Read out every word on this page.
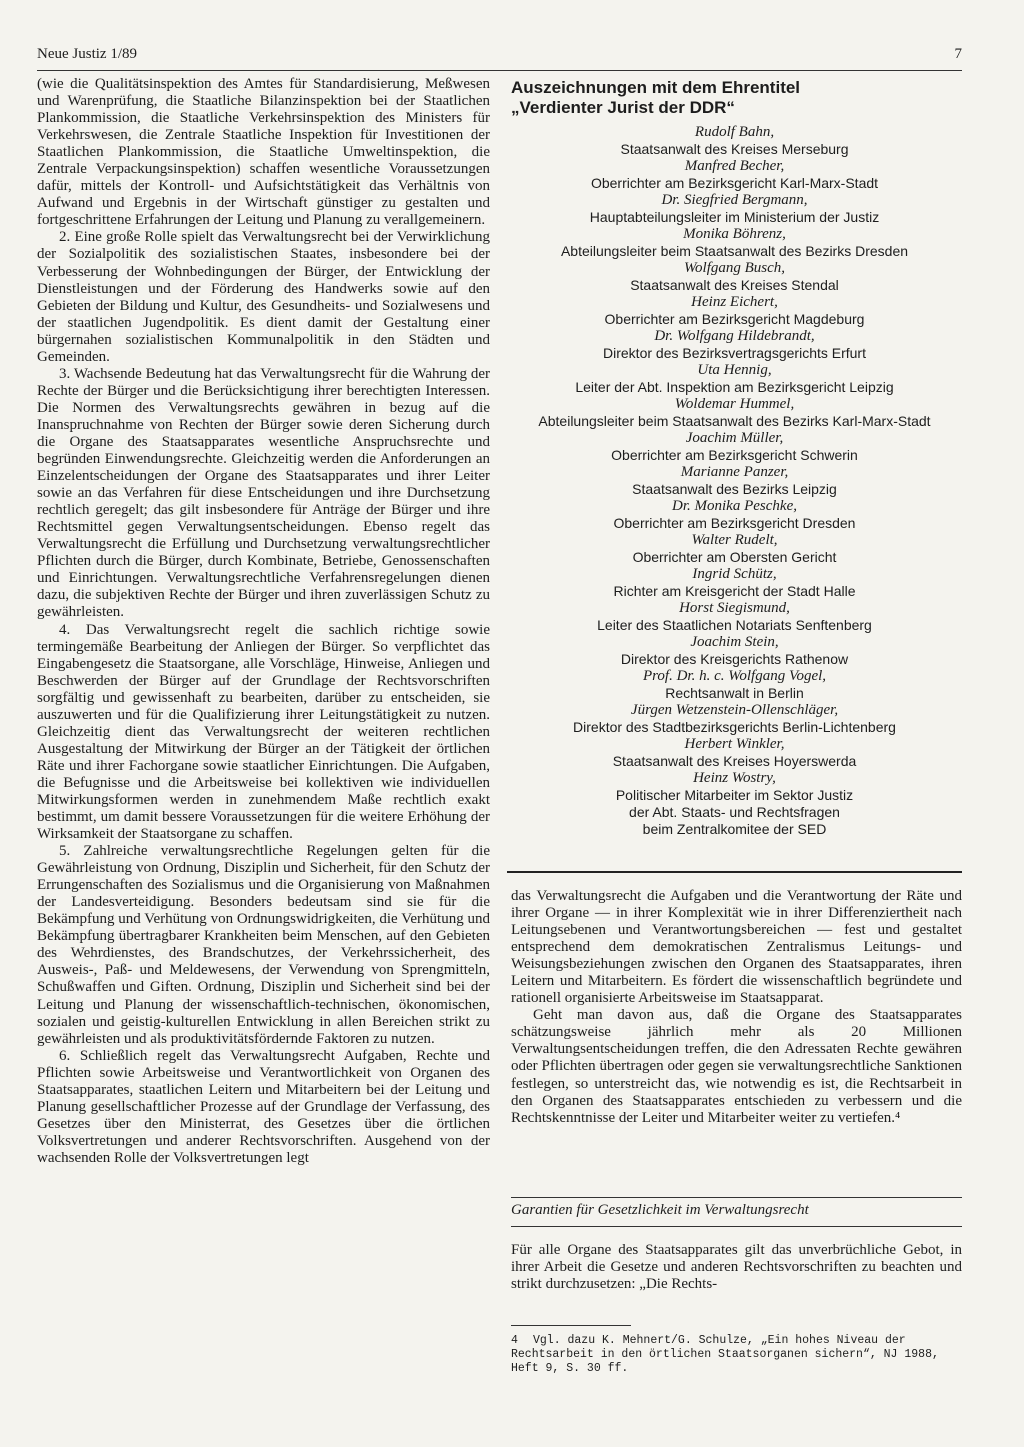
Neue Justiz 1/89	7

(wie die Qualitätsinspektion des Amtes für Standardisierung, Meßwesen und Warenprüfung, die Staatliche Bilanzinspektion bei der Staatlichen Plankommission, die Staatliche Verkehrsinspektion des Ministers für Verkehrswesen, die Zentrale Staatliche Inspektion für Investitionen der Staatlichen Plankommission, die Staatliche Umweltinspektion, die Zentrale Verpackungsinspektion) schaffen wesentliche Voraussetzungen dafür, mittels der Kontroll- und Aufsichtstätigkeit das Verhältnis von Aufwand und Ergebnis in der Wirtschaft günstiger zu gestalten und fortgeschrittene Erfahrungen der Leitung und Planung zu verallgemeinern.

2. Eine große Rolle spielt das Verwaltungsrecht bei der Verwirklichung der Sozialpolitik des sozialistischen Staates, insbesondere bei der Verbesserung der Wohnbedingungen der Bürger, der Entwicklung der Dienstleistungen und der Förderung des Handwerks sowie auf den Gebieten der Bildung und Kultur, des Gesundheits- und Sozialwesens und der staatlichen Jugendpolitik. Es dient damit der Gestaltung einer bürgernahen sozialistischen Kommunalpolitik in den Städten und Gemeinden.

3. Wachsende Bedeutung hat das Verwaltungsrecht für die Wahrung der Rechte der Bürger und die Berücksichtigung ihrer berechtigten Interessen. Die Normen des Verwaltungsrechts gewähren in bezug auf die Inanspruchnahme von Rechten der Bürger sowie deren Sicherung durch die Organe des Staatsapparates wesentliche Anspruchsrechte und begründen Einwendungsrechte. Gleichzeitig werden die Anforderungen an Einzelentscheidungen der Organe des Staatsapparates und ihrer Leiter sowie an das Verfahren für diese Entscheidungen und ihre Durchsetzung rechtlich geregelt; das gilt insbesondere für Anträge der Bürger und ihre Rechtsmittel gegen Verwaltungsentscheidungen. Ebenso regelt das Verwaltungsrecht die Erfüllung und Durchsetzung verwaltungsrechtlicher Pflichten durch die Bürger, durch Kombinate, Betriebe, Genossenschaften und Einrichtungen. Verwaltungsrechtliche Verfahrensregelungen dienen dazu, die subjektiven Rechte der Bürger und ihren zuverlässigen Schutz zu gewährleisten.

4. Das Verwaltungsrecht regelt die sachlich richtige sowie termingemäße Bearbeitung der Anliegen der Bürger. So verpflichtet das Eingabengesetz die Staatsorgane, alle Vorschläge, Hinweise, Anliegen und Beschwerden der Bürger auf der Grundlage der Rechtsvorschriften sorgfältig und gewissenhaft zu bearbeiten, darüber zu entscheiden, sie auszuwerten und für die Qualifizierung ihrer Leitungstätigkeit zu nutzen. Gleichzeitig dient das Verwaltungsrecht der weiteren rechtlichen Ausgestaltung der Mitwirkung der Bürger an der Tätigkeit der örtlichen Räte und ihrer Fachorgane sowie staatlicher Einrichtungen. Die Aufgaben, die Befugnisse und die Arbeitsweise bei kollektiven wie individuellen Mitwirkungsformen werden in zunehmendem Maße rechtlich exakt bestimmt, um damit bessere Voraussetzungen für die weitere Erhöhung der Wirksamkeit der Staatsorgane zu schaffen.

5. Zahlreiche verwaltungsrechtliche Regelungen gelten für die Gewährleistung von Ordnung, Disziplin und Sicherheit, für den Schutz der Errungenschaften des Sozialismus und die Organisierung von Maßnahmen der Landesverteidigung. Besonders bedeutsam sind sie für die Bekämpfung und Verhütung von Ordnungswidrigkeiten, die Verhütung und Bekämpfung übertragbarer Krankheiten beim Menschen, auf den Gebieten des Wehrdienstes, des Brandschutzes, der Verkehrssicherheit, des Ausweis-, Paß- und Meldewesens, der Verwendung von Sprengmitteln, Schußwaffen und Giften. Ordnung, Disziplin und Sicherheit sind bei der Leitung und Planung der wissenschaftlich-technischen, ökonomischen, sozialen und geistig-kulturellen Entwicklung in allen Bereichen strikt zu gewährleisten und als produktivitätsfördernde Faktoren zu nutzen.

6. Schließlich regelt das Verwaltungsrecht Aufgaben, Rechte und Pflichten sowie Arbeitsweise und Verantwortlichkeit von Organen des Staatsapparates, staatlichen Leitern und Mitarbeitern bei der Leitung und Planung gesellschaftlicher Prozesse auf der Grundlage der Verfassung, des Gesetzes über den Ministerrat, des Gesetzes über die örtlichen Volksvertretungen und anderer Rechtsvorschriften. Ausgehend von der wachsenden Rolle der Volksvertretungen legt

Auszeichnungen mit dem Ehrentitel
„Verdienter Jurist der DDR“
Rudolf Bahn,
Staatsanwalt des Kreises Merseburg
Manfred Becher,
Oberrichter am Bezirksgericht Karl-Marx-Stadt
Dr. Siegfried Bergmann,
Hauptabteilungsleiter im Ministerium der Justiz
Monika Böhrenz,
Abteilungsleiter beim Staatsanwalt des Bezirks Dresden
Wolfgang Busch,
Staatsanwalt des Kreises Stendal
Heinz Eichert,
Oberrichter am Bezirksgericht Magdeburg
Dr. Wolfgang Hildebrandt,
Direktor des Bezirksvertragsgerichts Erfurt
Uta Hennig,
Leiter der Abt. Inspektion am Bezirksgericht Leipzig
Woldemar Hummel,
Abteilungsleiter beim Staatsanwalt des Bezirks Karl-Marx-Stadt
Joachim Müller,
Oberrichter am Bezirksgericht Schwerin
Marianne Panzer,
Staatsanwalt des Bezirks Leipzig
Dr. Monika Peschke,
Oberrichter am Bezirksgericht Dresden
Walter Rudelt,
Oberrichter am Obersten Gericht
Ingrid Schütz,
Richter am Kreisgericht der Stadt Halle
Horst Siegismund,
Leiter des Staatlichen Notariats Senftenberg
Joachim Stein,
Direktor des Kreisgerichts Rathenow
Prof. Dr. h. c. Wolfgang Vogel,
Rechtsanwalt in Berlin
Jürgen Wetzenstein-Ollenschläger,
Direktor des Stadtbezirksgerichts Berlin-Lichtenberg
Herbert Winkler,
Staatsanwalt des Kreises Hoyerswerda
Heinz Wostry,
Politischer Mitarbeiter im Sektor Justiz
der Abt. Staats- und Rechtsfragen
beim Zentralkomitee der SED

das Verwaltungsrecht die Aufgaben und die Verantwortung der Räte und ihrer Organe — in ihrer Komplexität wie in ihrer Differenziertheit nach Leitungsebenen und Verantwortungsbereichen — fest und gestaltet entsprechend dem demokratischen Zentralismus Leitungs- und Weisungsbeziehungen zwischen den Organen des Staatsapparates, ihren Leitern und Mitarbeitern. Es fördert die wissenschaftlich begründete und rationell organisierte Arbeitsweise im Staatsapparat.

Geht man davon aus, daß die Organe des Staatsapparates schätzungsweise jährlich mehr als 20 Millionen Verwaltungsentscheidungen treffen, die den Adressaten Rechte gewähren oder Pflichten übertragen oder gegen sie verwaltungsrechtliche Sanktionen festlegen, so unterstreicht das, wie notwendig es ist, die Rechtsarbeit in den Organen des Staatsapparates entschieden zu verbessern und die Rechtskenntnisse der Leiter und Mitarbeiter weiter zu vertiefen.⁴

Garantien für Gesetzlichkeit im Verwaltungsrecht

Für alle Organe des Staatsapparates gilt das unverbrüchliche Gebot, in ihrer Arbeit die Gesetze und anderen Rechtsvorschriften zu beachten und strikt durchzusetzen: „Die Rechts-

4 Vgl. dazu K. Mehnert/G. Schulze, „Ein hohes Niveau der Rechtsarbeit in den örtlichen Staatsorganen sichern“, NJ 1988, Heft 9, S. 30 ff.
